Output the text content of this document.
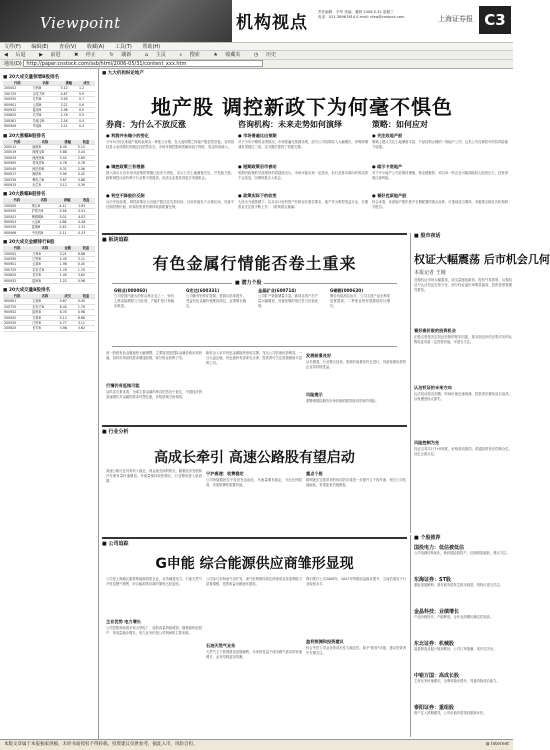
Viewpoint	机构视点
责任编辑：平华 美编：董婷 2006.5.31 星期三
电话：021-38967614 E-mail: cfxw@cnstock.com	上海证券报 C3
文件(F) 编辑(E) 查看(V) 收藏(A) 工具(T) 帮助(H)
◀ 后退	▶ 前进	✖ 停止	↻ 刷新	⌂ 主页	⌕ 搜索	★ 收藏夹	◷ 历史
地址(D) http://paper.cnstock.com/ssb/html/2006-05/31/content_xxx.htm
■ 20大成交量领增B股排名
代码	名称	涨幅	成交
200002	万科B	5.12	1.2
200725	京东方B	4.87	0.9
200550	江铃B	3.95	0.7
900901	云赛B	3.21	0.6
900932	陆家B	2.98	0.5
200625	长安B	2.76	0.5
200581	苏威孚B	2.54	0.4
900909	华谊B	2.21	0.4
■ 20大涨幅B股排名
代码	名称	涨幅	收盘
200012	南玻B	6.45	5.12
200019	深深宝B	5.88	3.44
200029	深深房B	5.02	2.89
900905	老凤祥B	4.76	0.76
200045	深纺织B	4.31	2.56
900917	海欣B	3.99	0.42
200539	粤电力B	3.67	3.88
900915	永生B	3.12	0.39
■ 20大跌幅B股排名
代码	名称	跌幅	收盘
200505	珠江B	-4.12	1.65
900930	沪普天B	-3.56	0.51
200541	粤照明B	-3.01	4.02
900903	大众B	-2.88	0.48
200030	富奥B	-2.45	1.31
900906	中纺机B	-2.11	0.33
■ 20大成交金额排行B股
代码	名称	金额	收盘
200002	万科B	3.21	6.88
200550	江铃B	2.45	3.11
900901	云赛B	1.98	0.45
200725	京东方B	1.76	1.79
200625	长安B	1.45	3.62
900932	陆家B	1.22	0.98
■ 20大成交量B股排名
代码	名称	成交	收盘
900901	云赛B	9.87	0.45
200725	京东方B	8.45	1.79
900932	陆家B	6.33	0.98
200002	万科B	5.12	6.88
200550	江铃B	4.77	3.11
200625	长安B	3.98	3.62
■ 九大机构纵论地产
地产股 调控新政下为何毫不惧色
券商：为什么不放反涨	咨询机构：未来走势如何演绎	策略：如何应对
● 利润并未缩小的变化
今年5月份以来地产板块表现出一种独立行情，在大盘调整之时地产股依然坚挺，各项指标显示业绩增长的确定性依然存在，市场对调控影响的解读趋于理性，资金持续流入。
● 调控政策三有根据
国六条出台后市场对政策的预期已经充分消化，龙头公司土地储备充足，开发能力强，政策调控反而有利于行业集中度提高，优质企业将获得更多发展机会。
● 利空不降股价反倒
从历史经验看，调控政策出台后地产股往往先抑后扬，目前估值处于合理区间，具备中长期投资价值，机构投资者仍保持较高配置比例。
● 市场普遍比出预期
对于今年中期的业绩情况，市场普遍比预期乐观，部分公司结算收入大幅增长，净利润增速有望超过三成，这为股价提供了较强支撑。
● 短期政策后市被动
短期内政策的后续细则仍将陆续出台，市场可能出现一定波动，但行业基本面向好的趋势不会改变，回调即是买入机会。
● 政策实际下的收变
人民币升值预期下，以本币计价的资产价格存在重估要求，地产作为典型受益行业，长期资金关注度不断上升。（机构观点摘编）
● 关注收地产股
策略上建议关注土地储备丰富、产品结构合理的一线地产公司，这类公司在调控中的抗风险能力较强。
● 暗示卡底地产
对于中小地产公司应保持谨慎，资金链紧张、项目单一的企业可能面临较大经营压力，投资者需注意风险。
● 看好优质地产股
综合来看，优质地产股仍是中长期配置的重点品种，可逢低适当增持。本版观点摘自各机构研究报告。
■ 板块追踪
有色金属行情能否卷土重来
■ 潜力个股
G锌业(000060)
公司是国内最大的锌冶炼企业之一，锌价上涨直接增厚公司业绩，产能扩张计划稳步推进。
G宏达(600331)
公司拥有铅锌矿资源，资源自给率提升，受益有色金属价格维持高位，业绩增长确定。
金晶矿业(600714)
公司矿产资源储量丰富，新项目投产后产量大幅增加，具备较强的成长性与估值优势。
G铜都(000630)
铜价持续高位运行，公司主营产品毛利率显著提高，二季度业绩有望继续环比增长。
前一阶段有色金属板块大幅调整，主要原因是国际金属价格出现回落，同时市场担忧需求增速放缓，部分资金获利了结。
行情仍有延续可能
从供求关系来看，全球主要金属的库存依然处于低位，中国经济的高速增长对金属的需求仍然旺盛，价格回调空间有限。
新资金入市对有色金属板块形成支撑，龙头公司估值优势明显，一旦大盘企稳，有色板块有望率先反弹，投资者可关注资源储备丰富的公司。
发展前景良好
从长期看，行业整合加快，资源价值重估仍在进行，具备资源优势的企业将持续受益。
风险提示
需警惕国际期货市场价格的剧烈波动带来的风险。
■ 股市夜话
权证大幅震荡 后市机会几何
本报记者 王刚
近期权证市场大幅震荡，成交量屡创新高，投机气氛浓厚，认购权证与认沽权证走势分化，部分权证溢价率明显偏高，投资者需要理性看待。
看好高价股的投资机会
正股走势是决定权证价格的根本因素，基本面良好的正股对应的认购权证具备一定投资价值，可适当关注。
认沽权证的未来方向
认沽权证临近到期，时间价值迅速衰减，投资者应避免盲目追高，以免遭受较大损失。
风险控制为先
权证交易实行T+0制度，价格波动剧烈，普通投资者应控制仓位，设定止损点位。
■ 行业分析
高成长牵引 高速公路股有望启动
高速公路行业具有收入稳定、现金流充沛的特点，随着经济发展和汽车保有量快速增加，车流量保持较快增长，行业整体进入收获期。
宁沪高速：收费稳定
公司所辖路段位于经济发达地区，车流量增长稳定，分红比例较高，具备防御性配置价值。
重点个股
路网逐步完善带来的协同效应将进一步提升主干线车流，相关公司估值偏低，有望迎来估值修复。
■ 公司追踪
G申能 综合能源供应商雏形显现
公司是上海地区重要的能源投资企业，业务涵盖电力、石油天然气开发及燃气销售，综合能源供应商的雏形已经显现。
主业优势 电力增长
公司控股和参股多家大型电厂，装机容量持续增加，随着新机组投产，发电量稳步增长，电力业务仍是公司利润的主要来源。
公司参与东海油气田开发，油气价格维持高位使该项业务盈利能力显著增强，投资收益贡献逐年提高。
石油天然气业务
天然气主干管网建设进展顺利，未来将受益于城市燃气需求的快速增长，业务结构更加均衡。
我们预计公司2006年、2007年每股收益稳步提升，当前估值处于行业较低水平。
盈利预测和投资建议
综合考虑公司业务的成长性与稳定性，给予"推荐"评级，建议投资者中长期关注。
■ 个股推荐
国投电力：低估被低估
公司电源结构优化，新机组陆续投产，估值明显偏低，建议关注。
东海证券：ST股
重组进展顺利，基本面有望发生根本改善，短线可适当关注。
金晶科技：业绩增长
产品价格回升，产能释放，全年业绩增长确定性较高。
东北证券：机械股
装备制造业振兴规划利好，公司订单饱满，成长性突出。
中银万国：高成长股
主营业务快速增长，毛利率稳步提升，具备持续成长能力。
泰阳证券：重组股
资产注入预期强烈，公司价值有望得到重新评估。
本版文章属于本报独家供稿，未经书面授权不得转载。投资建议仅供参考，据此入市，风险自担。	◍ Internet
